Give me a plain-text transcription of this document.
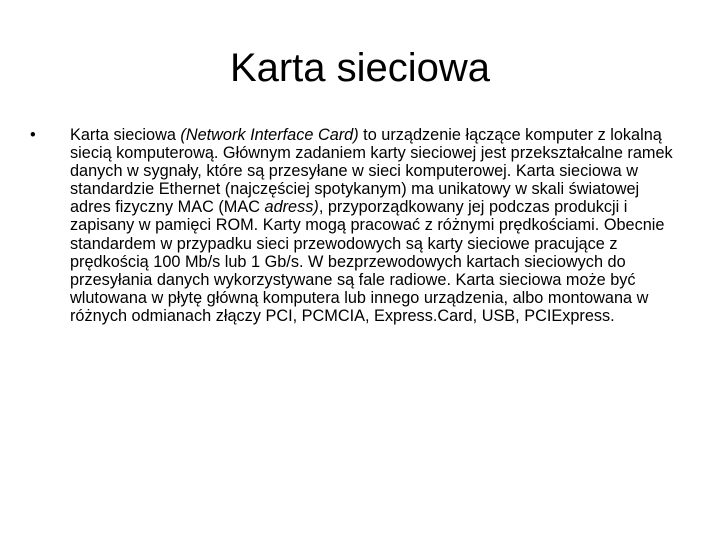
Karta sieciowa
•	Karta sieciowa (Network Interface Card) to urządzenie łączące komputer z lokalną siecią komputerową. Głównym zadaniem karty sieciowej jest przekształcalne ramek danych w sygnały, które są przesyłane w sieci komputerowej. Karta sieciowa w standardzie Ethernet (najczęściej spotykanym) ma unikatowy w skali światowej adres fizyczny MAC (MAC adress), przyporządkowany jej podczas produkcji i zapisany w pamięci ROM. Karty mogą pracować z różnymi prędkościami. Obecnie standardem w przypadku sieci przewodowych są karty sieciowe pracujące z prędkością 100 Mb/s lub 1 Gb/s. W bezprzewodowych kartach sieciowych do przesyłania danych wykorzystywane są fale radiowe. Karta sieciowa może być wlutowana w płytę główną komputera lub innego urządzenia, albo montowana w różnych odmianach złączy PCI, PCMCIA, Express.Card, USB, PCIExpress.
